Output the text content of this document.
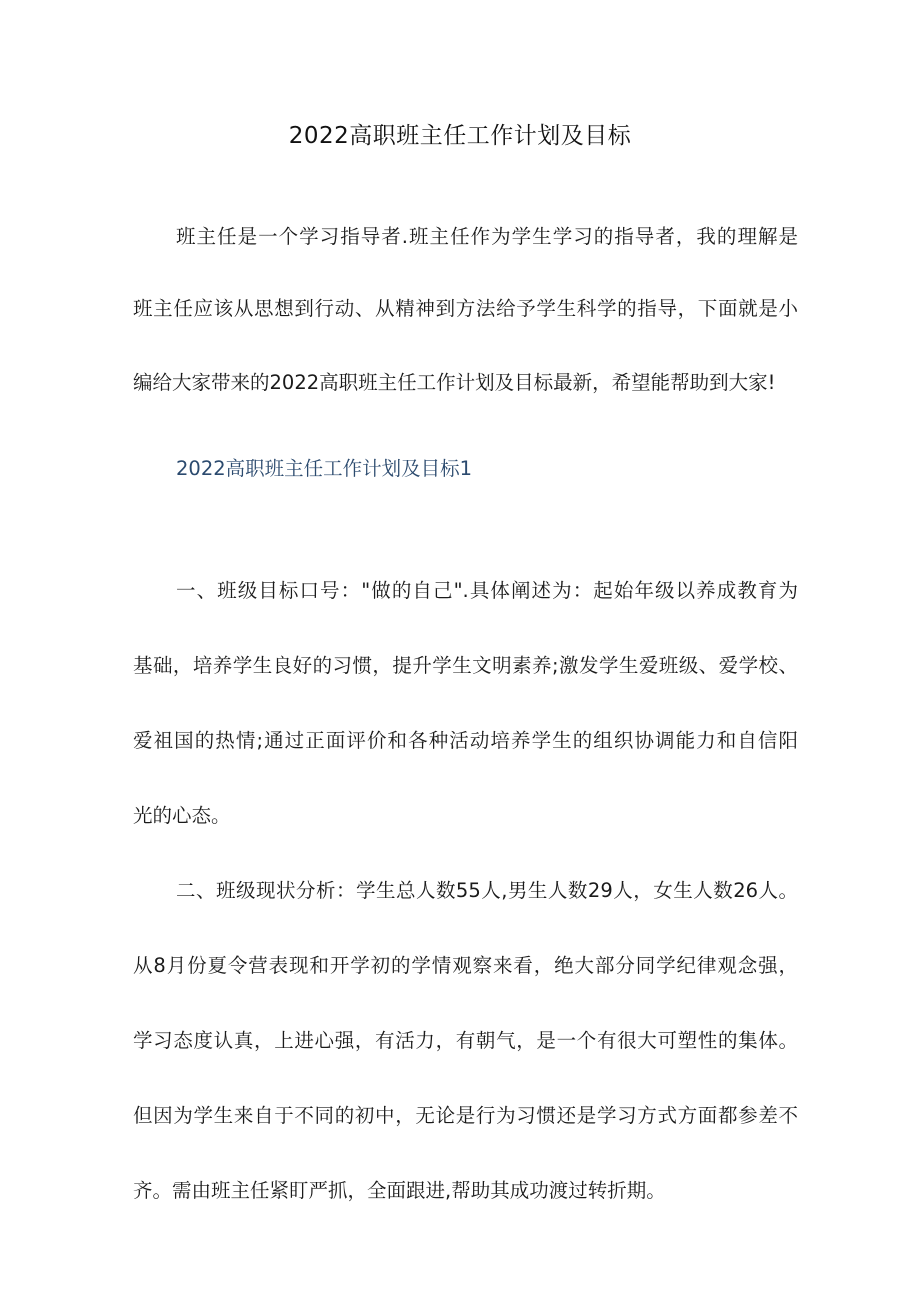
2022高职班主任工作计划及目标
班主任是一个学习指导者.班主任作为学生学习的指导者，我的理解是
班主任应该从思想到行动、从精神到方法给予学生科学的指导，下面就是小
编给大家带来的2022高职班主任工作计划及目标最新，希望能帮助到大家!
2022高职班主任工作计划及目标1
一、班级目标口号："做的自己".具体阐述为：起始年级以养成教育为
基础，培养学生良好的习惯，提升学生文明素养;激发学生爱班级、爱学校、
爱祖国的热情;通过正面评价和各种活动培养学生的组织协调能力和自信阳
光的心态。
二、班级现状分析：学生总人数55人,男生人数29人，女生人数26人。
从8月份夏令营表现和开学初的学情观察来看，绝大部分同学纪律观念强，
学习态度认真，上进心强，有活力，有朝气，是一个有很大可塑性的集体。
但因为学生来自于不同的初中，无论是行为习惯还是学习方式方面都参差不
齐。需由班主任紧盯严抓，全面跟进,帮助其成功渡过转折期。
